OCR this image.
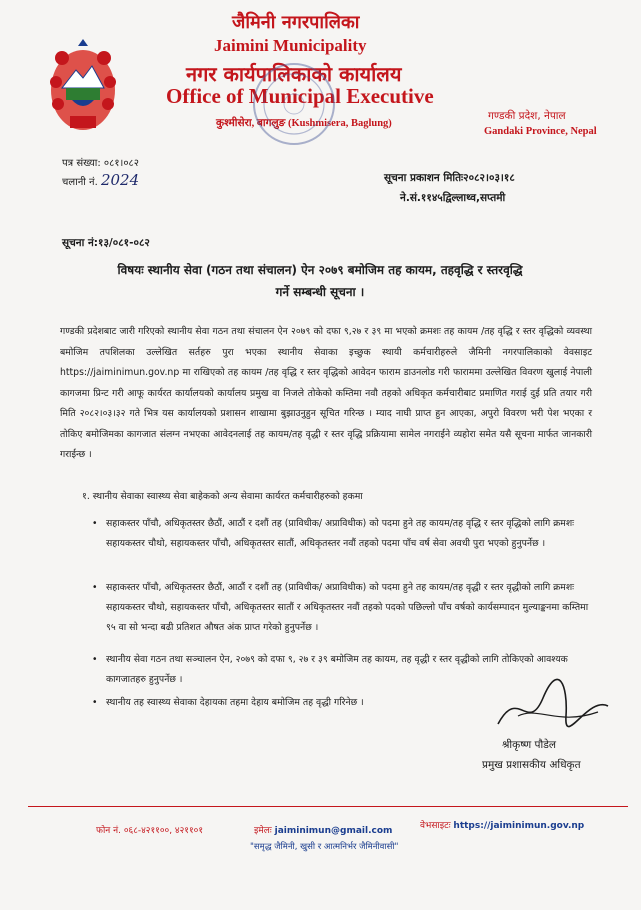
जैमिनी नगरपालिका
Jaimini Municipality
नगर कार्यपालिकाको कार्यालय
Office of Municipal Executive
कुश्मीसेरा, बागलुङ (Kushmisera, Baglung)
गण्डकी प्रदेश, नेपाल
Gandaki Province, Nepal
पत्र संख्या: ०८१।०८२
चलानी नं. 2024	सूचना प्रकाशन मितिः२०८२।०३।१८
ने.सं.११४५द्विल्लाथ्व,सप्तमी
सूचना नं:१३/०८१-०८२
विषयः स्थानीय सेवा (गठन तथा संचालन) ऐन २०७९ बमोजिम तह कायम, तहवृद्धि र स्तरवृद्धि
गर्ने सम्बन्धी सूचना ।
गण्डकी प्रदेशबाट जारी गरिएको स्थानीय सेवा गठन तथा संचालन ऐन २०७९ को दफा ९,२७ र ३९ मा भएको क्रमशः तह कायम /तह वृद्धि र स्तर वृद्धिको व्यवस्था बमोजिम तपशिलका उल्लेखित सर्तहरु पुरा भएका स्थानीय सेवाका इच्छुक स्थायी कर्मचारीहरुले जैमिनी नगरपालिकाको वेवसाइट https://jaiminimun.gov.np मा राखिएको तह कायम /तह वृद्धि र स्तर वृद्धिको आवेदन फाराम डाउनलोड गरी फाराममा उल्लेखित विवरण खुलाई नेपाली कागजमा प्रिन्ट गरी आफू कार्यरत कार्यालयको कार्यालय प्रमुख वा निजले तोकेको कम्तिमा नवौ तहको अधिकृत कर्मचारीबाट प्रमाणित गराई दुई प्रति तयार गरी मिति २०८२।०३।३२ गते भित्र यस कार्यालयको प्रशासन शाखामा बुझाउनुहुन सूचित गरिन्छ । म्याद नाघी प्राप्त हुन आएका, अपुरो विवरण भरी पेश भएका र तोकिए बमोजिमका कागजात संलग्न नभएका आवेदनलाई तह कायम/तह वृद्धी र स्तर वृद्धि प्रक्रियामा सामेल नगराईने व्यहोरा समेत यसै सूचना मार्फत जानकारी गराईन्छ ।
१. स्थानीय सेवाका स्वास्थ्य सेवा बाहेकको अन्य सेवामा कार्यरत कर्मचारीहरुको हकमा
• सहाकस्तर पाँचौ, अधिकृतस्तर छैठौं, आठौं र दशौं तह (प्राविधीक/ अप्राविधीक) को पदमा हुने तह कायम/तह वृद्धि र स्तर वृद्धिको लागि क्रमशः सहायकस्तर चौथो, सहायकस्तर पाँचौ, अधिकृतस्तर सातौं, अधिकृतस्तर नवौं तहको पदमा पाँच वर्ष सेवा अवधी पुरा भएको हुनुपर्नेछ ।
• सहाकस्तर पाँचौ, अधिकृतस्तर छैठौं, आठौं र दशौं तह (प्राविधीक/ अप्राविधीक) को पदमा हुने तह कायम/तह वृद्धी र स्तर वृद्धीको लागि क्रमशः सहायकस्तर चौथो, सहायकस्तर पाँचौ, अधिकृतस्तर सातौं र अधिकृतस्तर नवौं तहको पदको पछिल्लो पाँच वर्षको कार्यसम्पादन मुल्याङ्कनमा कम्तिमा ९५ वा सो भन्दा बढी प्रतिशत औषत अंक प्राप्त गरेको हुनुपर्नेछ ।
• स्थानीय सेवा गठन तथा सञ्चालन ऐन, २०७९ को दफा ९, २७ र ३९ बमोजिम तह कायम, तह वृद्धी र स्तर वृद्धीको लागि तोकिएको आवश्यक कागजातहरु हुनुपर्नेछ ।
• स्थानीय तह स्वास्थ्य सेवाका देहायका तहमा देहाय बमोजिम तह वृद्धी गरिनेछ ।
श्रीकृष्ण पौडेल
प्रमुख प्रशासकीय अधिकृत
फोन नं. ०६८-४२११००, ४२११०१	इमेलः jaiminimun@gmail.com	वेभसाइटः https://jaiminimun.gov.np
"समृद्ध जैमिनी, खुसी र आत्मनिर्भर जैमिनीवासी"
